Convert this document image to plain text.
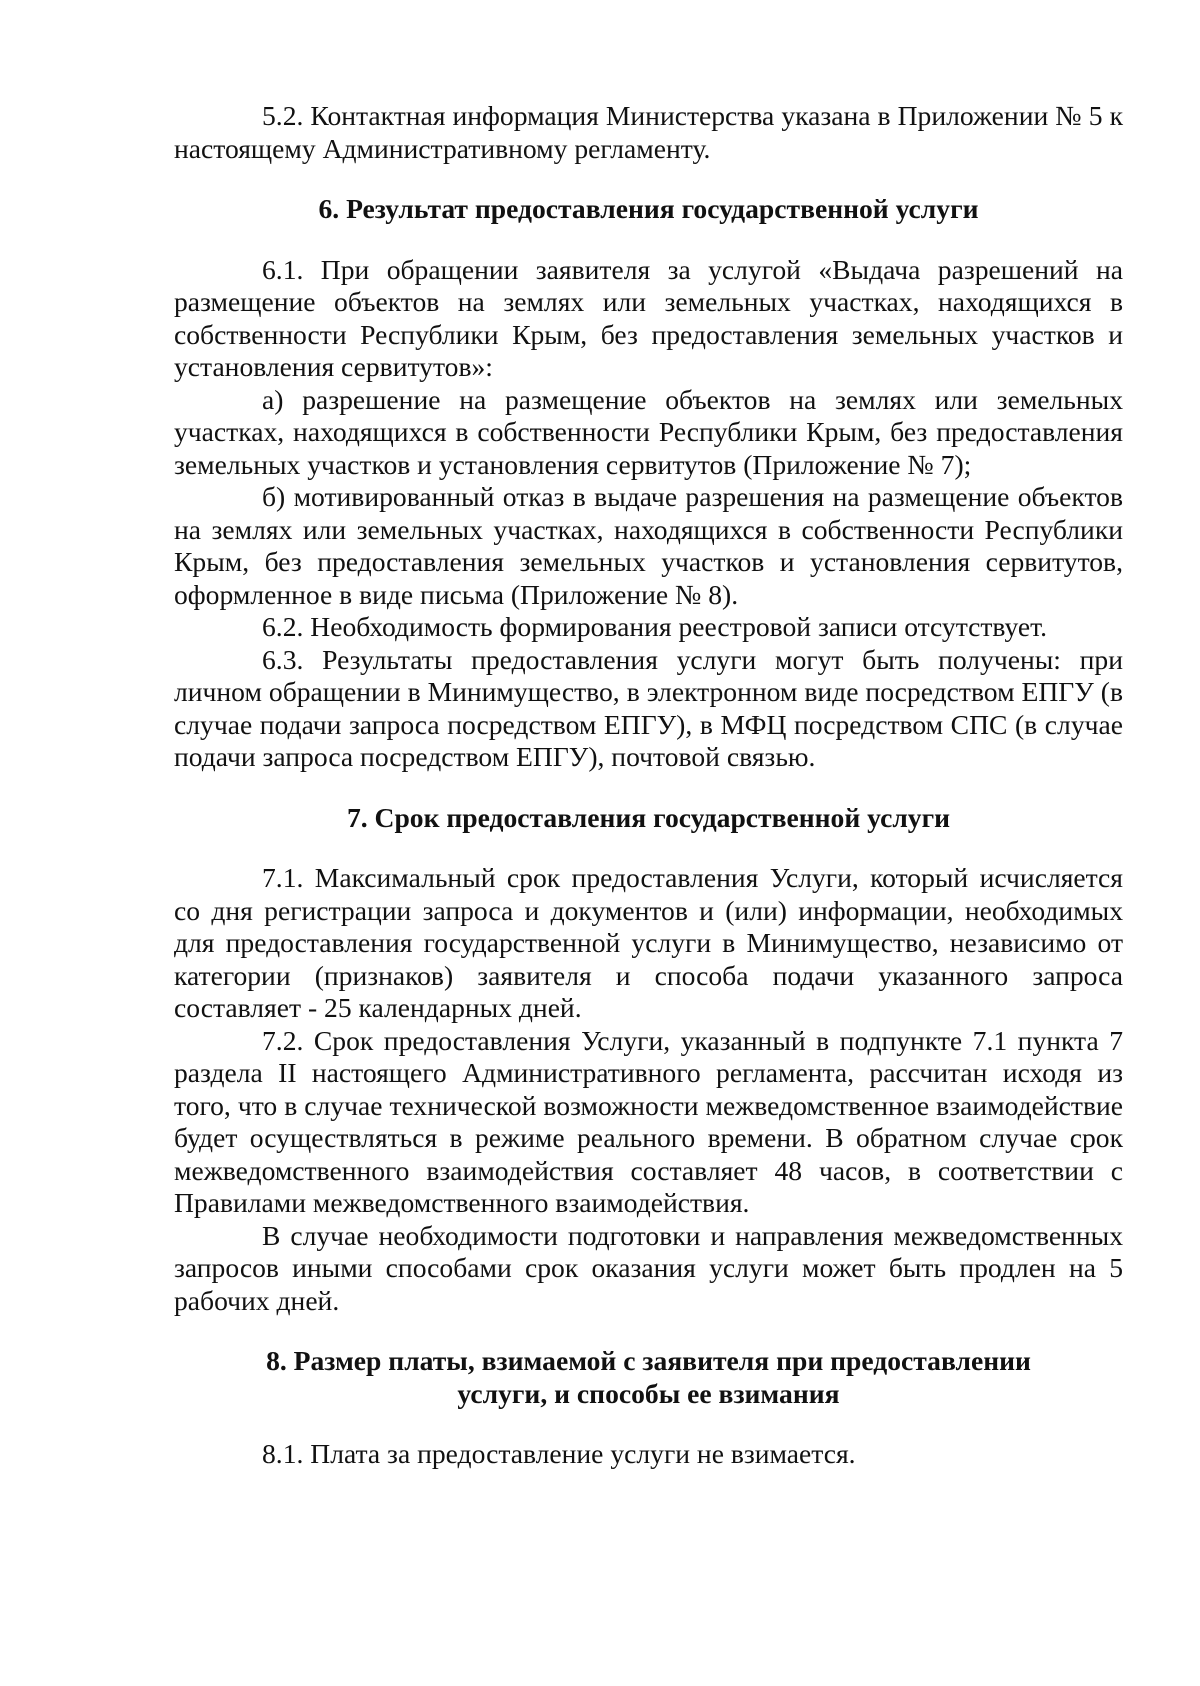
5.2. Контактная информация Министерства указана в Приложении № 5 к настоящему Административному регламенту.

6. Результат предоставления государственной услуги

6.1. При обращении заявителя за услугой «Выдача разрешений на размещение объектов на землях или земельных участках, находящихся в собственности Республики Крым, без предоставления земельных участков и установления сервитутов»:

а) разрешение на размещение объектов на землях или земельных участках, находящихся в собственности Республики Крым, без предоставления земельных участков и установления сервитутов (Приложение № 7);

б) мотивированный отказ в выдаче разрешения на размещение объектов на землях или земельных участках, находящихся в собственности Республики Крым, без предоставления земельных участков и установления сервитутов, оформленное в виде письма (Приложение № 8).

6.2. Необходимость формирования реестровой записи отсутствует.

6.3. Результаты предоставления услуги могут быть получены: при личном обращении в Минимущество, в электронном виде посредством ЕПГУ (в случае подачи запроса посредством ЕПГУ), в МФЦ посредством СПС (в случае подачи запроса посредством ЕПГУ), почтовой связью.

7. Срок предоставления государственной услуги

7.1. Максимальный срок предоставления Услуги, который исчисляется со дня регистрации запроса и документов и (или) информации, необходимых для предоставления государственной услуги в Минимущество, независимо от категории (признаков) заявителя и способа подачи указанного запроса составляет - 25 календарных дней.

7.2. Срок предоставления Услуги, указанный в подпункте 7.1 пункта 7 раздела II настоящего Административного регламента, рассчитан исходя из того, что в случае технической возможности межведомственное взаимодействие будет осуществляться в режиме реального времени. В обратном случае срок межведомственного взаимодействия составляет 48 часов, в соответствии с Правилами межведомственного взаимодействия.

В случае необходимости подготовки и направления межведомственных запросов иными способами срок оказания услуги может быть продлен на 5 рабочих дней.

8. Размер платы, взимаемой с заявителя при предоставлении

услуги, и способы ее взимания

8.1. Плата за предоставление услуги не взимается.
